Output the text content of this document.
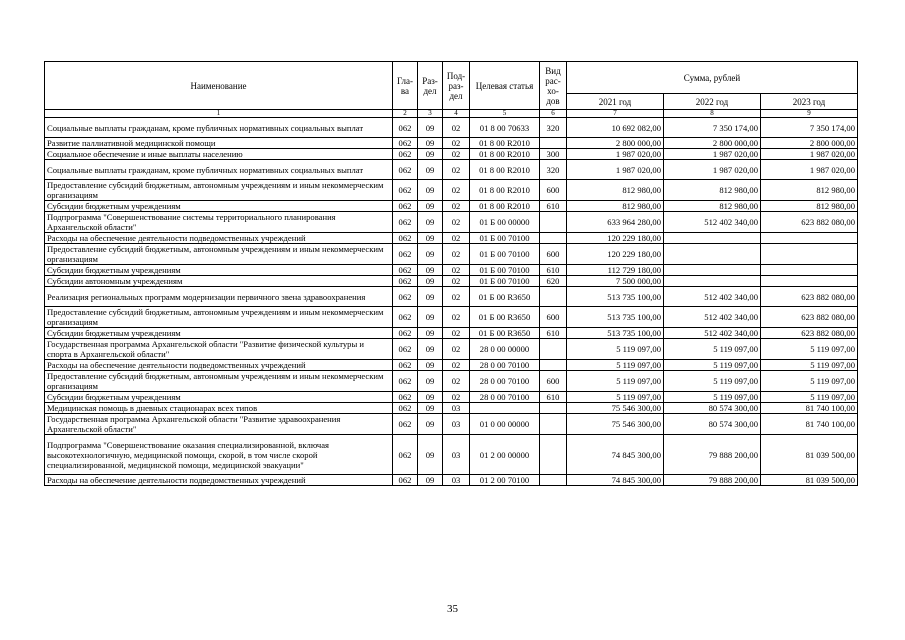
Наименование	Гла-ва	Раз-дел	Под-раз-дел	Целевая статья	Вид рас-хо-дов	Сумма, рублей		
						2021 год	2022 год	2023 год
1	2	3	4	5	6	7	8	9
Социальные выплаты гражданам, кроме публичных нормативных социальных выплат	062	09	02	01 8 00 70633	320	10 692 082,00	7 350 174,00	7 350 174,00
Развитие паллиативной медицинской помощи	062	09	02	01 8 00 R2010		2 800 000,00	2 800 000,00	2 800 000,00
Социальное обеспечение и иные выплаты населению	062	09	02	01 8 00 R2010	300	1 987 020,00	1 987 020,00	1 987 020,00
Социальные выплаты гражданам, кроме публичных нормативных социальных выплат	062	09	02	01 8 00 R2010	320	1 987 020,00	1 987 020,00	1 987 020,00
Предоставление субсидий бюджетным, автономным учреждениям и иным некоммерческим организациям	062	09	02	01 8 00 R2010	600	812 980,00	812 980,00	812 980,00
Субсидии бюджетным учреждениям	062	09	02	01 8 00 R2010	610	812 980,00	812 980,00	812 980,00
Подпрограмма "Совершенствование системы территориального планирования Архангельской области"	062	09	02	01 Б 00 00000		633 964 280,00	512 402 340,00	623 882 080,00
Расходы на обеспечение деятельности подведомственных учреждений	062	09	02	01 Б 00 70100		120 229 180,00		
Предоставление субсидий бюджетным, автономным учреждениям и иным некоммерческим организациям	062	09	02	01 Б 00 70100	600	120 229 180,00		
Субсидии бюджетным учреждениям	062	09	02	01 Б 00 70100	610	112 729 180,00		
Субсидии автономным учреждениям	062	09	02	01 Б 00 70100	620	7 500 000,00		
Реализация региональных программ модернизации первичного звена здравоохранения	062	09	02	01 Б 00 R3650		513 735 100,00	512 402 340,00	623 882 080,00
Предоставление субсидий бюджетным, автономным учреждениям и иным некоммерческим организациям	062	09	02	01 Б 00 R3650	600	513 735 100,00	512 402 340,00	623 882 080,00
Субсидии бюджетным учреждениям	062	09	02	01 Б 00 R3650	610	513 735 100,00	512 402 340,00	623 882 080,00
Государственная программа Архангельской области "Развитие физической культуры и спорта в Архангельской области"	062	09	02	28 0 00 00000		5 119 097,00	5 119 097,00	5 119 097,00
Расходы на обеспечение деятельности подведомственных учреждений	062	09	02	28 0 00 70100		5 119 097,00	5 119 097,00	5 119 097,00
Предоставление субсидий бюджетным, автономным учреждениям и иным некоммерческим организациям	062	09	02	28 0 00 70100	600	5 119 097,00	5 119 097,00	5 119 097,00
Субсидии бюджетным учреждениям	062	09	02	28 0 00 70100	610	5 119 097,00	5 119 097,00	5 119 097,00
Медицинская помощь в дневных стационарах всех типов	062	09	03			75 546 300,00	80 574 300,00	81 740 100,00
Государственная программа Архангельской области "Развитие здравоохранения Архангельской области"	062	09	03	01 0 00 00000		75 546 300,00	80 574 300,00	81 740 100,00
Подпрограмма "Совершенствование оказания специализированной, включая высокотехнологичную, медицинской помощи, скорой, в том числе скорой специализированной, медицинской помощи, медицинской эвакуации"	062	09	03	01 2 00 00000		74 845 300,00	79 888 200,00	81 039 500,00
Расходы на обеспечение деятельности подведомственных учреждений	062	09	03	01 2 00 70100		74 845 300,00	79 888 200,00	81 039 500,00
35
